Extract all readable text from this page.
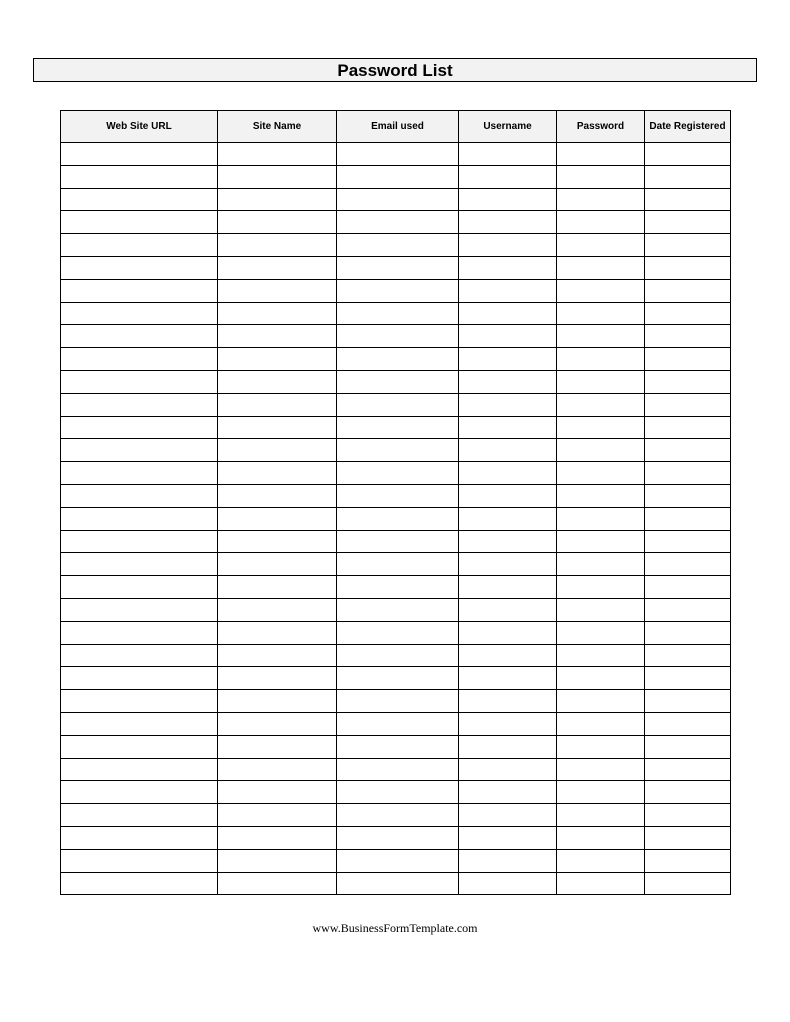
Password List
Web Site URL	Site Name	Email used	Username	Password	Date Registered

www.BusinessFormTemplate.com
